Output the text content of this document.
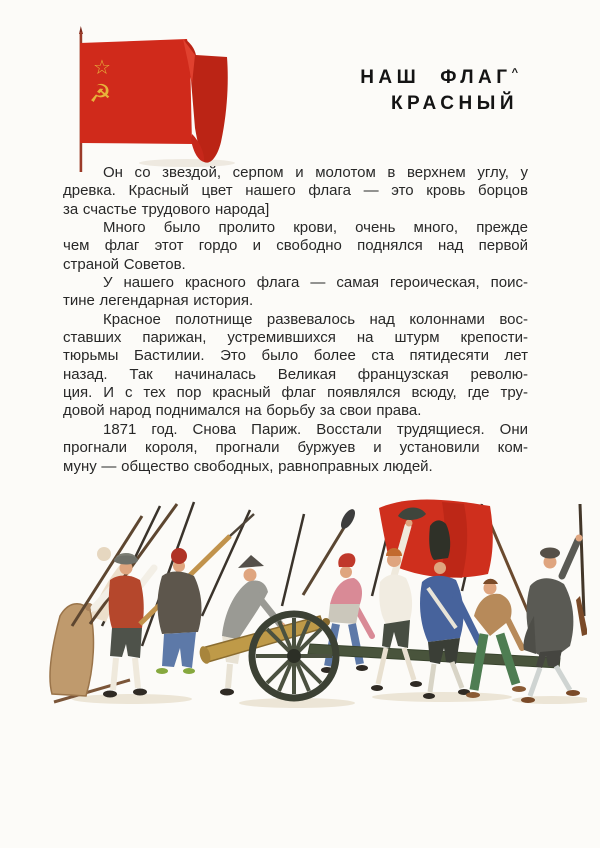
☆
☭
НАШ ФЛАГ^
КРАСНЫЙ
Он со звездой, серпом и молотом в верхнем углу, у
древка. Красный цвет нашего флага — это кровь борцов
за счастье трудового народа]
Много было пролито крови, очень много, прежде
чем флаг этот гордо и свободно поднялся над первой
страной Советов.
У нашего красного флага — самая героическая, поис-
тине легендарная история.
Красное полотнище развевалось над колоннами вос-
ставших парижан, устремившихся на штурм крепости-
тюрьмы Бастилии. Это было более ста пятидесяти лет
назад. Так начиналась Великая французская револю-
ция. И с тех пор красный флаг появлялся всюду, где тру-
довой народ поднимался на борьбу за свои права.
1871 год. Снова Париж. Восстали трудящиеся. Они
прогнали короля, прогнали буржуев и установили ком-
муну — общество свободных, равноправных людей.
